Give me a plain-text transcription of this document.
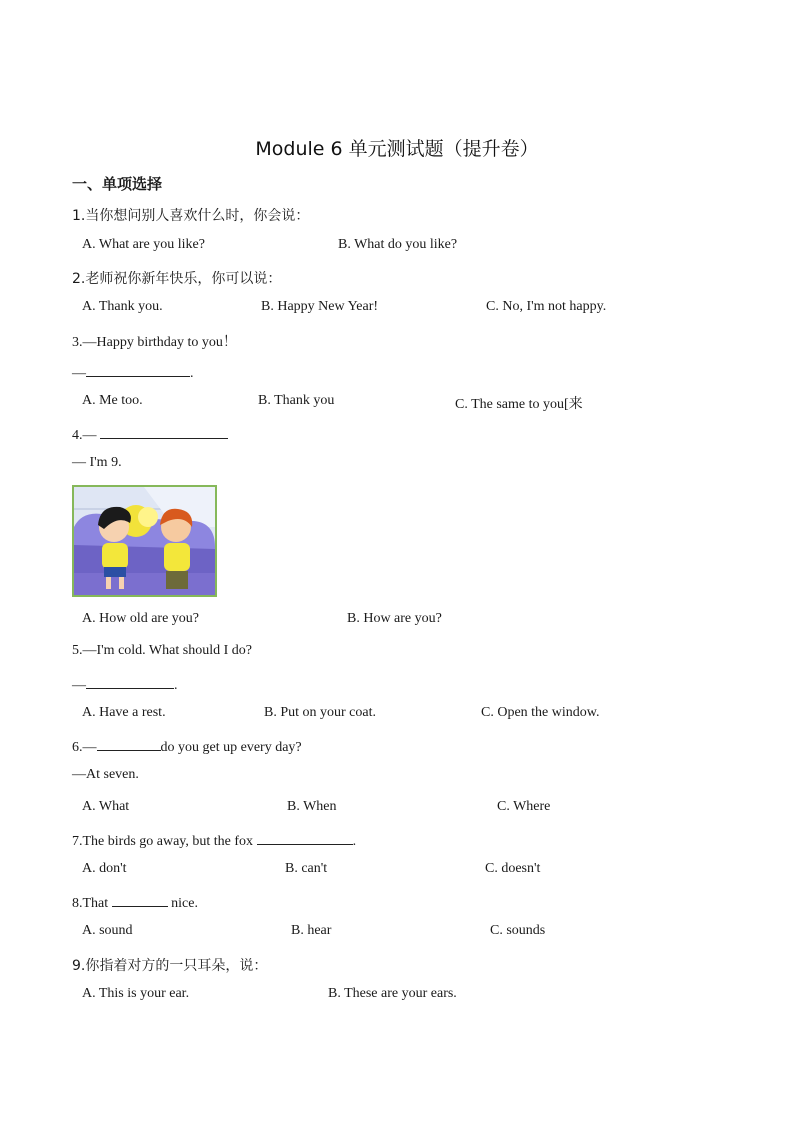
Module 6 单元测试题（提升卷）
一、单项选择
1.当你想问别人喜欢什么时，你会说：
A. What are you like?	B. What do you like?
2.老师祝你新年快乐，你可以说：
A. Thank you.	B. Happy New Year!	C. No, I'm not happy.
3.—Happy birthday to you！
—	.
A. Me too.	B. Thank you	C. The same to you[来
4.—
— I'm 9.
A. How old are you?	B. How are you?
5.—I'm cold. What should I do?
—	.
A. Have a rest.	B. Put on your coat.	C. Open the window.
6.—	do you get up every day?
—At seven.
A. What	B. When	C. Where
7.The birds go away, but the fox	.
A. don't	B. can't	C. doesn't
8.That	nice.
A. sound	B. hear	C. sounds
9.你指着对方的一只耳朵，说：
A. This is your ear.	B. These are your ears.
